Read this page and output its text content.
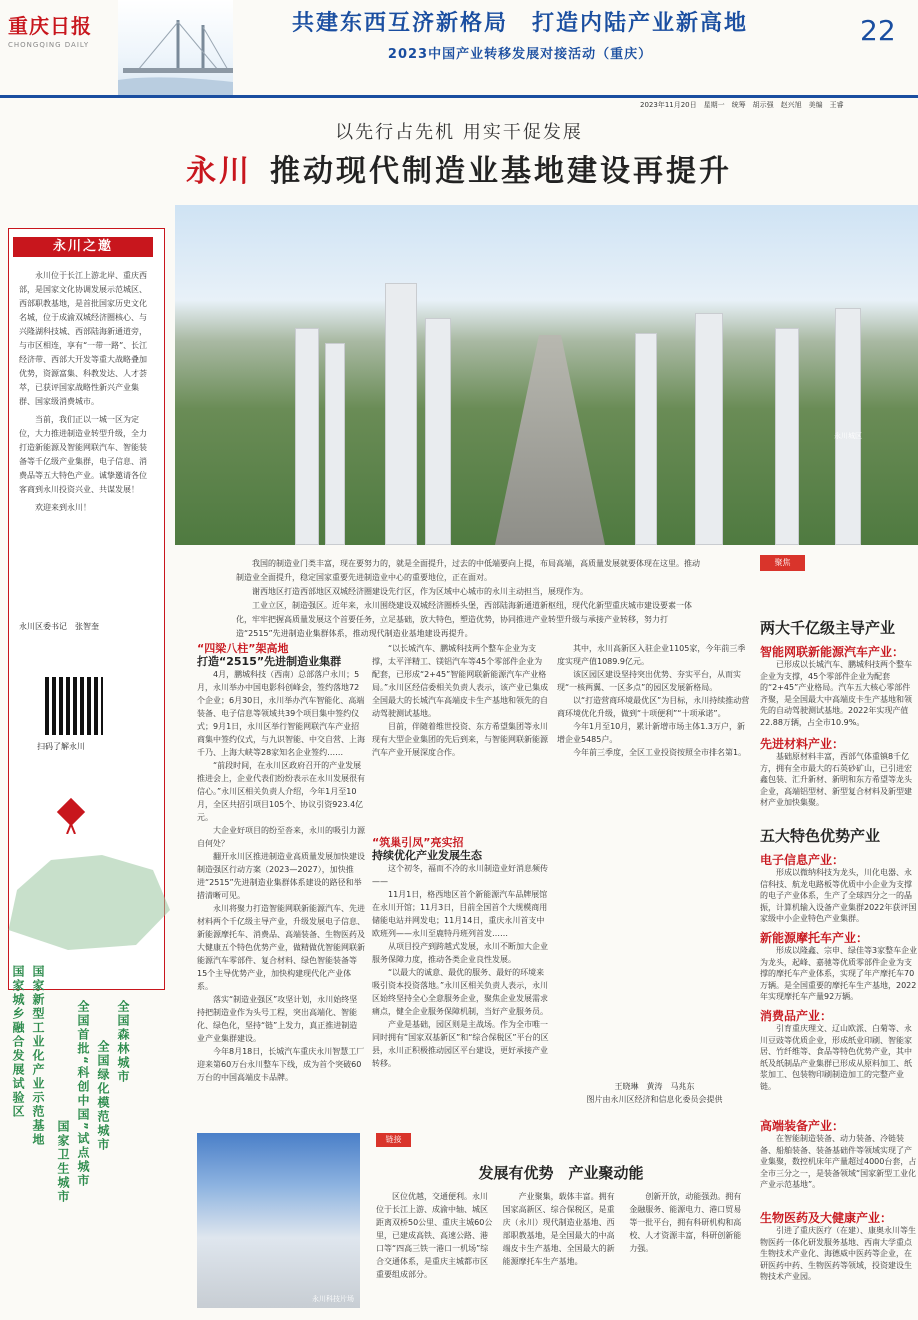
重庆日报
CHONGQING DAILY
共建东西互济新格局　打造内陆产业新高地
2023中国产业转移发展对接活动（重庆）
22
2023年11月20日　星期一　统筹　胡示强　赵兴旭　美编　王睿
以先行占先机 用实干促发展
永川 推动现代制造业基地建设再提升
永川城区
永川之邀

永川位于长江上游北岸、重庆西部，是国家文化协调发展示范城区、西部职教基地，是首批国家历史文化名城，位于成渝双城经济圈核心、与兴隆湖科技城、西部陆海新通道旁，与市区相连，享有“一带一路”、长江经济带、西部大开发等重大战略叠加优势，资源富集、科教发达、人才荟萃，已获评国家战略性新兴产业集群、国家级消费城市。

当前，我们正以一城一区为定位，大力推进制造业转型升级，全力打造新能源及智能网联汽车、智能装备等千亿级产业集群，电子信息、消费品等五大特色产业。诚挚邀请各位客商到永川投资兴业、共谋发展！

欢迎来到永川！

永川区委书记　张智奎
扫码了解永川
国家城乡融合发展试验区 国家新型工业化产业示范基地	全国首批“科创中国”试点城市 全国绿化模范城市 全国森林城市
国家卫生城市

我国的制造业门类丰富，现在要努力的，就是全面提升，过去的中低端要向上提，布局高端，高质量发展就要体现在这里。推动制造业全面提升，稳定国家重要先进制造业中心的重要地位，正在面对。

谢西地区打造西部地区双城经济圈建设先行区，作为区域中心城市的永川主动担当，展现作为。

工业立区，制造强区。近年来，永川围绕建设双城经济圈桥头堡，西部陆海新通道新枢纽，现代化新型重庆城市建设要素一体化，牢牢把握高质量发展这个首要任务，立足基础，放大特色，塑造优势，协同推进产业转型升级与承接产业转移，努力打造“2515”先进制造业集群体系，推动现代制造业基地建设再提升。

“四梁八柱”架高地
打造“2515”先进制造业集群

4月，鹏城科技（西南）总部落户永川；5月，永川举办中国电影科创峰会，签约落地72个企业；6月30日，永川举办汽车智能化、高端装备、电子信息等领域共39个项目集中签约仪式；9月1日，永川区举行智能网联汽车产业招商集中签约仪式，与九识智能、中交自营、上海千乃、上海大峡等28家知名企业签约……

“前段时间，在永川区政府召开的产业发展推进会上，企业代表们纷纷表示在永川发展很有信心。”永川区相关负责人介绍，今年1月至10月，全区共招引项目105个、协议引资923.4亿元。

大企业好项目的纷至沓来，永川的吸引力源自何处？

翻开永川区推进制造业高质量发展加快建设制造强区行动方案（2023—2027），加快推进“2515”先进制造业集群体系建设的路径和举措清晰可见。

永川将聚力打造智能网联新能源汽车、先进材料两个千亿级主导产业，升级发展电子信息、新能源摩托车、消费品、高端装备、生物医药及大健康五个特色优势产业，做精做优智能网联新能源汽车零部件、复合材料、绿色智能装备等15个主导优势产业，加快构建现代化产业体系。

落实“制造业强区”攻坚计划，永川始终坚持把制造业作为头号工程，突出高端化、智能化、绿色化，坚持“链”上发力，真正推进制造业产业集群建设。

今年8月18日，长城汽车重庆永川智慧工厂迎来第60万台永川整车下线，成为首个突破60万台的中国高端皮卡品牌。

“以长城汽车、鹏城科技两个整车企业为支撑，太平洋精工、镁铝汽车等45个零部件企业为配套，已形成“2+45”智能网联新能源汽车产业格局。”永川区经信委相关负责人表示，该产业已集成全国最大的长城汽车高端皮卡生产基地和领先的自动驾驶测试基地。

目前，伴随着维世投资、东方希望集团等永川现有大型企业集团的先后到来，与智能网联新能源汽车产业开展深度合作。

“筑巢引凤”亮实招
持续优化产业发展生态

这个初冬，福而不冷的永川制造业好消息频传——

11月1日，格西地区首个新能源汽车品牌展馆在永川开馆；11月3日，目前全国首个大规模商用储能电站并网发电；11月14日，重庆永川首支中欧班列——永川至鹿特丹班列首发……

从项目投产到跨越式发展，永川不断加大企业服务保障力度，推动各类企业良性发展。

“以最大的诚意、最优的服务、最好的环境来吸引资本投资落地。”永川区相关负责人表示，永川区始终坚持全心全意服务企业，聚焦企业发展需求痛点，健全企业服务保障机制，当好产业服务员。

产业是基础，园区则是主战场。作为全市唯一同时拥有“国家双基新区”和“综合保税区”平台的区县，永川正积极推动园区平台建设，更好承接产业转移。

其中，永川高新区入驻企业1105家，今年前三季度实现产值1089.9亿元。

该区园区建设坚持突出优势、夯实平台，从而实现“一核两翼、一区多点”的园区发展新格局。

以“打造营商环境最优区”为目标，永川持续推动营商环境优化升级，做到“十项便利”“十项承诺”。

今年1月至10月，累计新增市场主体1.3万户，新增企业5485户。

今年前三季度，全区工业投资按照全市排名第1。

王晓琳　黄涛　马兆东
图片由永川区经济和信息化委员会提供
永川科技片场
链接
发展有优势　产业聚动能

区位优越，交通便利。永川位于长江上游、成渝中轴、城区距离双桥50公里、重庆主城60公里，已建成高铁、高速公路、港口等“四高三铁一港口一机场”综合交通体系，是重庆主城都市区重要组成部分。

产业聚集，载体丰富。拥有国家高新区、综合保税区，是重庆（永川）现代制造业基地、西部职教基地，是全国最大的中高端皮卡生产基地、全国最大的新能源摩托车生产基地。

创新开放，动能强劲。拥有金融服务、能源电力、港口贸易等一批平台，拥有科研机构和高校、人才资源丰富，科研创新能力强。

聚焦
两大千亿级主导产业
智能网联新能源汽车产业：

已形成以长城汽车、鹏城科技两个整车企业为支撑，45个零部件企业为配套的“2+45”产业格局。汽车五大核心零部件齐聚，是全国最大中高端皮卡生产基地和领先的自动驾驶测试基地。2022年实现产值22.88万辆，占全市10.9%。

先进材料产业：

基础原材料丰富，西部气体重镇8千亿方，拥有全市最大的石英砂矿山，已引进宏鑫包装、汇升新材、新明和东方希望等龙头企业，高端铝型材、新型复合材料及新型建材产业加快集聚。

五大特色优势产业
电子信息产业：

形成以微纳科技为龙头，川化电器、永信科技、航龙电路板等优质中小企业为支撑的电子产业体系，生产了全球四分之一的晶振，计算机输入设备产业集群2022年获评国家级中小企业特色产业集群。

新能源摩托车产业：

形成以隆鑫、宗申、绿佳等3家整车企业为龙头，起峰、嘉驰等优质零部件企业为支撑的摩托车产业体系，实现了年产摩托车70万辆。是全国重要的摩托车生产基地，2022年实现摩托车产量92万辆。

消费品产业：

引育重庆理文、辽山欧派、白菊等、永川豆豉等优质企业，形成纸业印刷、智能家居、竹纤维等、食品等特色优势产业，其中纸及纸制品产业集群已形成从原料加工、纸浆加工、包装物印刷制造加工的完整产业链。

高端装备产业：

在智能制造装备、动力装备、冷链装备、船舶装备、装备基础件等领域实现了产业集聚，数控机床年产量超过4000台套，占全市三分之一，是装备领域“国家新型工业化产业示范基地”。

生物医药及大健康产业：

引进了重庆医疗（在建）、康奥永川等生物医药一体化研发服务基地、西南大学重点生物技术产业化、海德威中医药等企业，在研医药中药、生物医药等领域，投资建设生物技术产业园。
